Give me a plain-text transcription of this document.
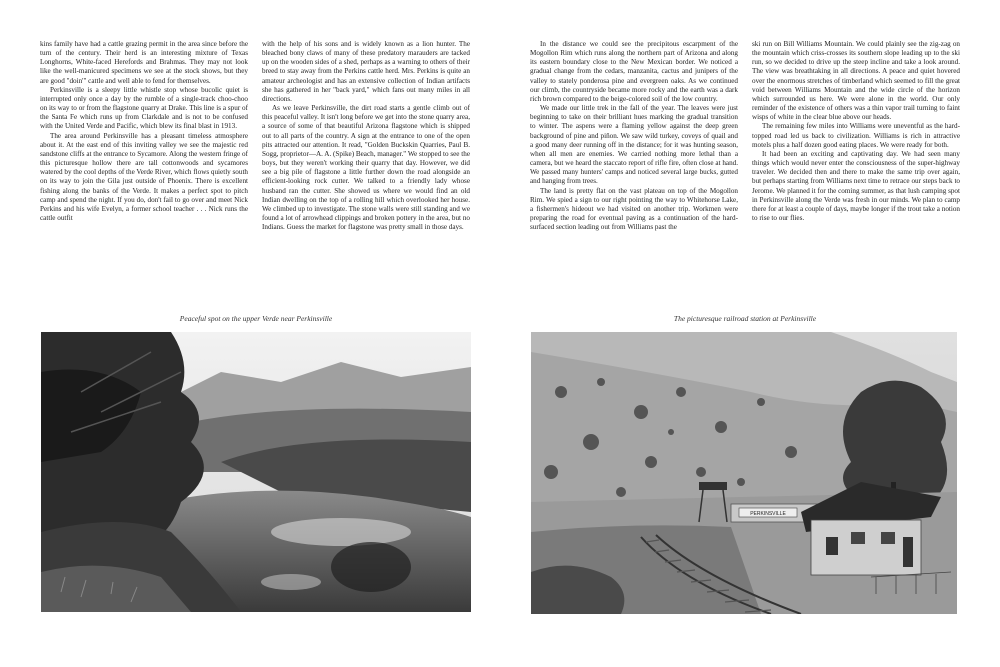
kins family have had a cattle grazing permit in the area since before the turn of the century. Their herd is an interesting mixture of Texas Longhorns, White-faced Herefords and Brahmas. They may not look like the well-manicured specimens we see at the stock shows, but they are good "doin'" cattle and well able to fend for themselves.

Perkinsville is a sleepy little whistle stop whose bucolic quiet is interrupted only once a day by the rumble of a single-track choo-choo on its way to or from the flagstone quarry at Drake. This line is a spur of the Santa Fe which runs up from Clarkdale and is not to be confused with the United Verde and Pacific, which blew its final blast in 1913.

The area around Perkinsville has a pleasant timeless atmosphere about it. At the east end of this inviting valley we see the majestic red sandstone cliffs at the entrance to Sycamore. Along the western fringe of this picturesque hollow there are tall cottonwoods and sycamores watered by the cool depths of the Verde River, which flows quietly south on its way to join the Gila just outside of Phoenix. There is excellent fishing along the banks of the Verde. It makes a perfect spot to pitch camp and spend the night. If you do, don't fail to go over and meet Nick Perkins and his wife Evelyn, a former school teacher . . . Nick runs the cattle outfit

with the help of his sons and is widely known as a lion hunter. The bleached bony claws of many of these predatory marauders are tacked up on the wooden sides of a shed, perhaps as a warning to others of their breed to stay away from the Perkins cattle herd. Mrs. Perkins is quite an amateur archeologist and has an extensive collection of Indian artifacts she has gathered in her "back yard," which fans out many miles in all directions.

As we leave Perkinsville, the dirt road starts a gentle climb out of this peaceful valley. It isn't long before we get into the stone quarry area, a source of some of that beautiful Arizona flagstone which is shipped out to all parts of the country. A sign at the entrance to one of the open pits attracted our attention. It read, "Golden Buckskin Quarries, Paul B. Sogg, proprietor—A. A. (Spike) Beach, manager." We stopped to see the boys, but they weren't working their quarry that day. However, we did see a big pile of flagstone a little further down the road alongside an efficient-looking rock cutter. We talked to a friendly lady whose husband ran the cutter. She showed us where we would find an old Indian dwelling on the top of a rolling hill which overlooked her house. We climbed up to investigate. The stone walls were still standing and we found a lot of arrowhead clippings and broken pottery in the area, but no Indians. Guess the market for flagstone was pretty small in those days.

In the distance we could see the precipitous escarpment of the Mogollon Rim which runs along the northern part of Arizona and along its eastern boundary close to the New Mexican border. We noticed a gradual change from the cedars, manzanita, cactus and junipers of the valley to stately ponderosa pine and evergreen oaks. As we continued our climb, the countryside became more rocky and the earth was a dark rich brown compared to the beige-colored soil of the low country.

We made our little trek in the fall of the year. The leaves were just beginning to take on their brilliant hues marking the gradual transition to winter. The aspens were a flaming yellow against the deep green background of pine and piñon. We saw wild turkey, coveys of quail and a good many deer running off in the distance; for it was hunting season, when all men are enemies. We carried nothing more lethal than a camera, but we heard the staccato report of rifle fire, often close at hand. We passed many hunters' camps and noticed several large bucks, gutted and hanging from trees.

The land is pretty flat on the vast plateau on top of the Mogollon Rim. We spied a sign to our right pointing the way to Whitehorse Lake, a fishermen's hideout we had visited on another trip. Workmen were preparing the road for eventual paving as a continuation of the hard-surfaced section leading out from Williams past the

ski run on Bill Williams Mountain. We could plainly see the zig-zag on the mountain which criss-crosses its southern slope leading up to the ski run, so we decided to drive up the steep incline and take a look around. The view was breathtaking in all directions. A peace and quiet hovered over the enormous stretches of timberland which seemed to fill the great void between Williams Mountain and the wide circle of the horizon which surrounded us here. We were alone in the world. Our only reminder of the existence of others was a thin vapor trail turning to faint wisps of white in the clear blue above our heads.

The remaining few miles into Williams were uneventful as the hard-topped road led us back to civilization. Williams is rich in attractive motels plus a half dozen good eating places. We were ready for both.

It had been an exciting and captivating day. We had seen many things which would never enter the consciousness of the super-highway traveler. We decided then and there to make the same trip over again, but perhaps starting from Williams next time to retrace our steps back to Jerome. We planned it for the coming summer, as that lush camping spot in Perkinsville along the Verde was fresh in our minds. We plan to camp there for at least a couple of days, maybe longer if the trout take a notion to rise to our flies.

Peaceful spot on the upper Verde near Perkinsville	The picturesque railroad station at Perkinsville
PERKINSVILLE
